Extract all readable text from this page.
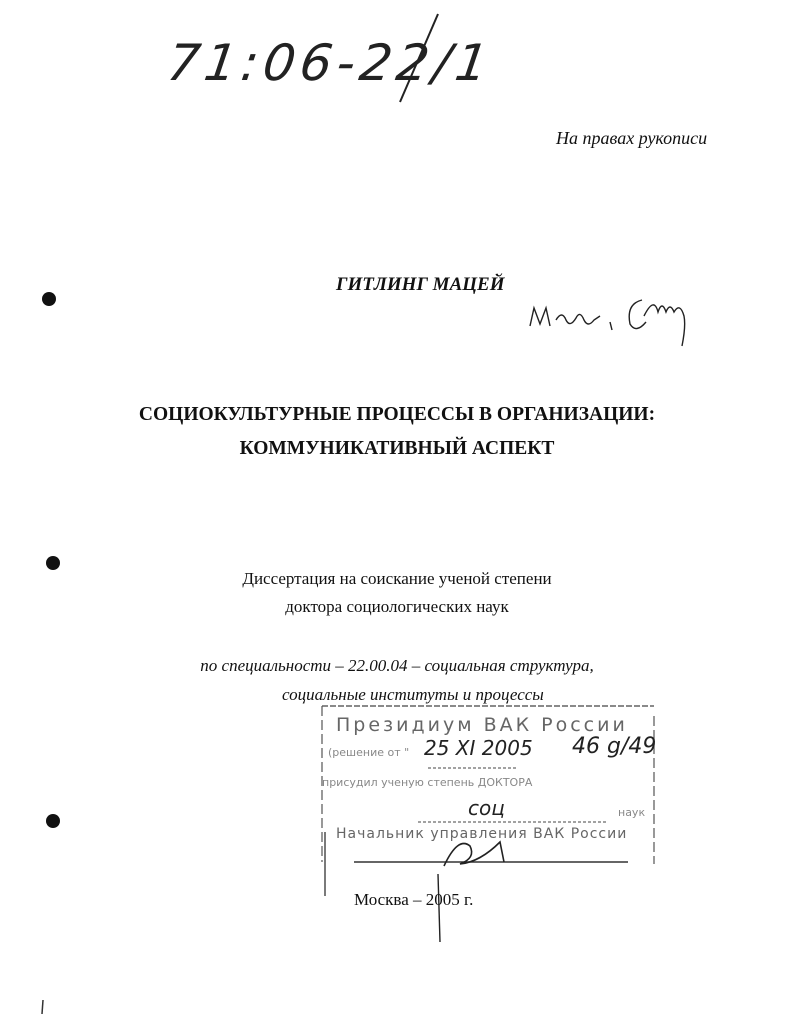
71:06-22/1
На правах рукописи
ГИТЛИНГ МАЦЕЙ
СОЦИОКУЛЬТУРНЫЕ ПРОЦЕССЫ В ОРГАНИЗАЦИИ:
КОММУНИКАТИВНЫЙ АСПЕКТ
Диссертация на соискание ученой степени
доктора социологических наук
по специальности – 22.00.04 – социальная структура,
социальные институты и процессы
Президиум ВАК России
(решение от "
присудил ученую степень ДОКТОРА
наук
Начальник управления ВАК России
25 XI 2005 46 g/49
соц
Москва – 2005 г.
